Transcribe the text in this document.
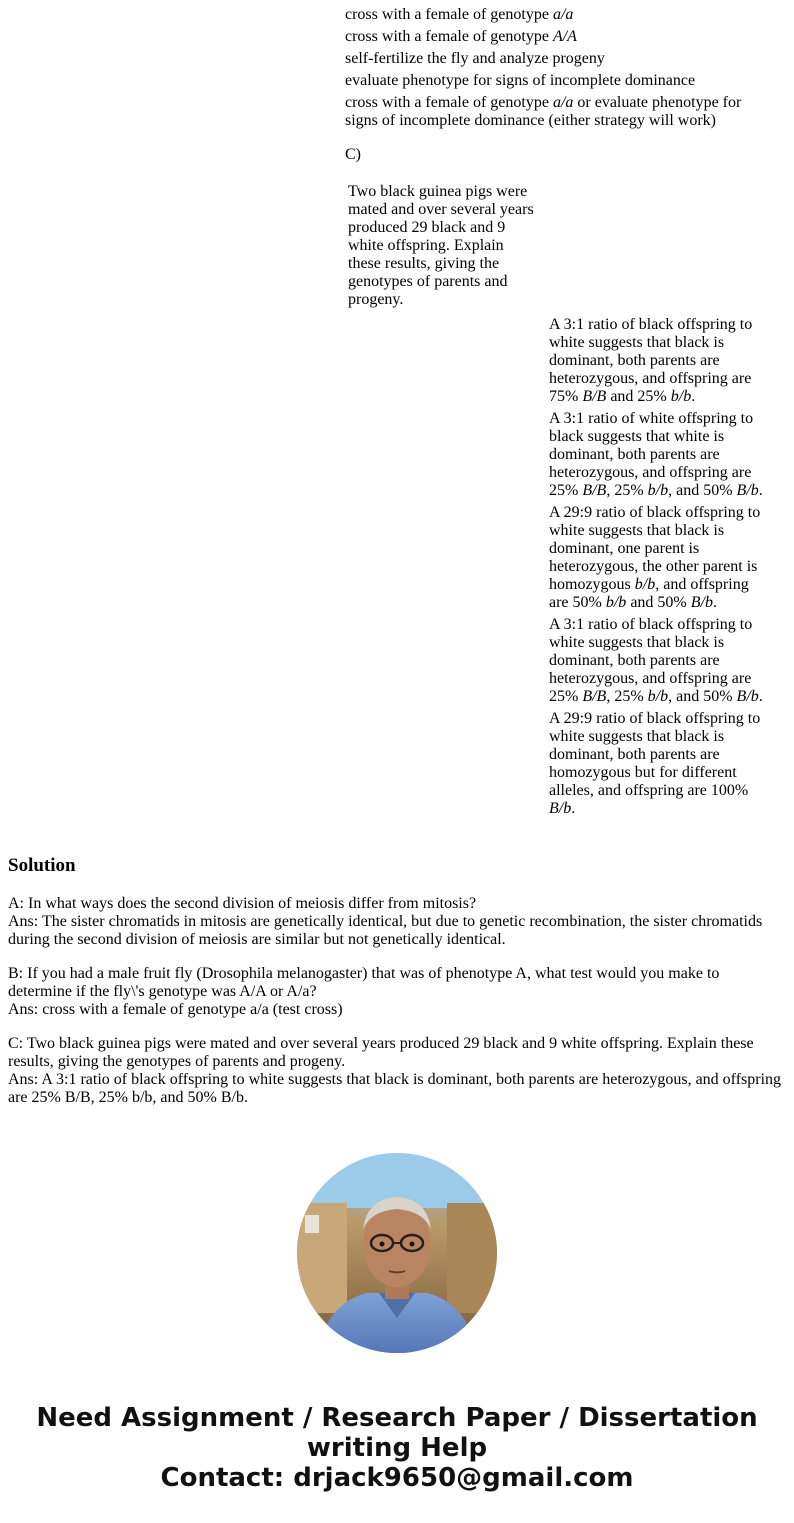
cross with a female of genotype a/a
cross with a female of genotype A/A
self-fertilize the fly and analyze progeny
evaluate phenotype for signs of incomplete dominance
cross with a female of genotype a/a or evaluate phenotype for signs of incomplete dominance (either strategy will work)
C)
Two black guinea pigs were mated and over several years produced 29 black and 9 white offspring. Explain these results, giving the genotypes of parents and progeny.
A 3:1 ratio of black offspring to white suggests that black is dominant, both parents are heterozygous, and offspring are 75% B/B and 25% b/b.
A 3:1 ratio of white offspring to black suggests that white is dominant, both parents are heterozygous, and offspring are 25% B/B, 25% b/b, and 50% B/b.
A 29:9 ratio of black offspring to white suggests that black is dominant, one parent is heterozygous, the other parent is homozygous b/b, and offspring are 50% b/b and 50% B/b.
A 3:1 ratio of black offspring to white suggests that black is dominant, both parents are heterozygous, and offspring are 25% B/B, 25% b/b, and 50% B/b.
A 29:9 ratio of black offspring to white suggests that black is dominant, both parents are homozygous but for different alleles, and offspring are 100% B/b.
Solution
A: In what ways does the second division of meiosis differ from mitosis?
Ans: The sister chromatids in mitosis are genetically identical, but due to genetic recombination, the sister chromatids during the second division of meiosis are similar but not genetically identical.
B: If you had a male fruit fly (Drosophila melanogaster) that was of phenotype A, what test would you make to determine if the fly\'s genotype was A/A or A/a?
Ans: cross with a female of genotype a/a (test cross)
C: Two black guinea pigs were mated and over several years produced 29 black and 9 white offspring. Explain these results, giving the genotypes of parents and progeny.
Ans: A 3:1 ratio of black offspring to white suggests that black is dominant, both parents are heterozygous, and offspring are 25% B/B, 25% b/b, and 50% B/b.
Need Assignment / Research Paper / Dissertation writing Help
Contact: drjack9650@gmail.com
